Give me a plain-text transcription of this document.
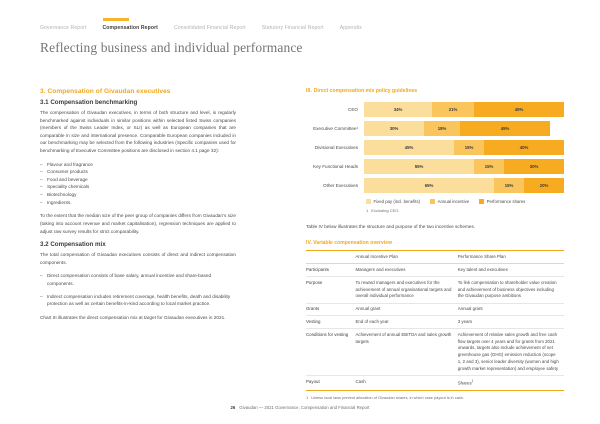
Governance Report	Compensation Report	Consolidated Financial Report	Statutory Financial Report	Appendix
Reflecting business and individual performance
3. Compensation of Givaudan executives
3.1 Compensation benchmarking

The compensation of Givaudan executives, in terms of both structure and level, is regularly benchmarked against individuals in similar positions within selected listed Swiss companies (members of the Swiss Leader Index, or SLI) as well as European companies that are comparable in size and international presence. Comparable European companies included in our benchmarking may be selected from the following industries (Specific companies used for benchmarking of Executive Committee positions are disclosed in section 4.1 page 32):

– Flavour and fragrance
– Consumer products
– Food and beverage
– Speciality chemicals
– Biotechnology
– Ingredients.

To the extent that the median size of the peer group of companies differs from Givaudan’s size (taking into account revenue and market capitalisation), regression techniques are applied to adjust raw survey results for strict comparability.

3.2 Compensation mix

The total compensation of Givaudan executives consists of direct and indirect compensation components.

– Direct compensation consists of base salary, annual incentive and share-based components.
– Indirect compensation includes retirement coverage, health benefits, death and disability protection as well as certain benefits-in-kind according to local market practice.

Chart III illustrates the direct compensation mix at target for Givaudan executives in 2021.

III. Direct compensation mix policy guidelines
CEO	34%	21%	45%
Executive Committee¹	30%	18%	45%
Divisional Executives	45%	15%	40%
Key Functional Heads	55%	15%	30%
Other Executives	65%	15%	20%
Fixed pay (incl. benefits)	Annual incentive	Performance shares
1 Excluding CEO.

Table IV below illustrates the structure and purpose of the two incentive schemes.

IV. Variable compensation overview
	Annual Incentive Plan	Performance Share Plan
Participants	Managers and executives	Key talent and executives
Purpose	To reward managers and executives for the achievement of annual organisational targets and overall individual performance	To link compensation to shareholder value creation and achievement of business objectives including the Givaudan purpose ambitions
Grants	Annual grant	Annual grant
Vesting	End of each year	3 years
Conditions for vesting	Achievement of annual EBITDA and sales growth targets	Achievement of relative sales growth and free cash flow targets over 4 years and for grants from 2021 onwards, targets also include achievement of net greenhouse gas (GHG) emission reduction (scope 1, 2 and 3), senior leader diversity (women and high growth market representation) and employee safety
Payout	Cash	Shares$^1$
1 Unless local laws prevent allocation of Givaudan shares, in which case payout is in cash.
26 Givaudan — 2021 Governance, Compensation and Financial Report
